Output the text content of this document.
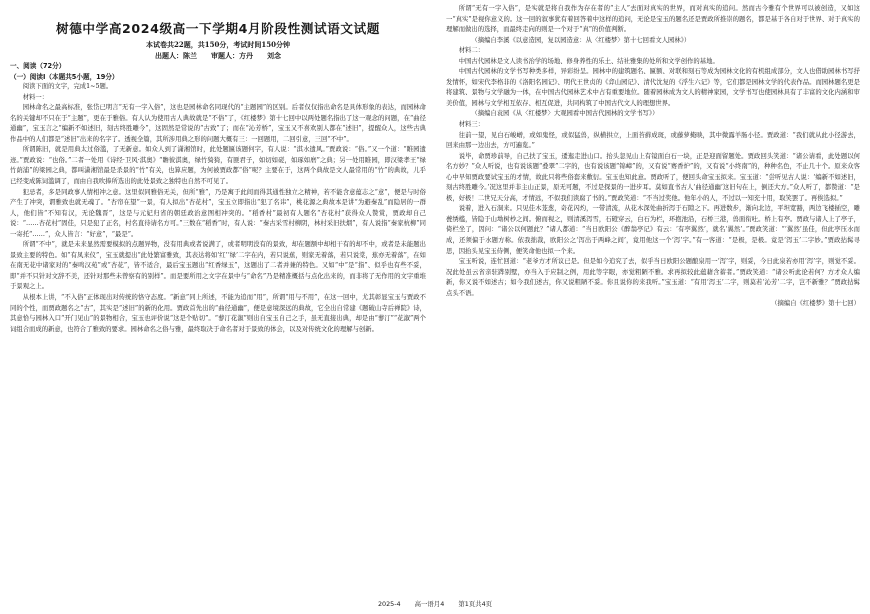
树德中学高2024级高一下学期4月阶段性测试语文试题

本试卷共22题，共150分，考试时间150分钟

出题人：陈兰　　审题人：方丹　　刘念

一、阅读（72分）

（一）阅读Ⅰ（本题共5小题，19分）

阅读下面的文字，完成1~5题。

材料一：

园林命名之最高标准，张岱已明言“无有一字入俗”，这也是园林命名同现代的“主题园”的区别。后者仅仅指出命名是具体形象的表达，而园林命名的关键却不只在于“主题”，更在于雅俗。有人认为使用古人典故就是“不俗”了，《红楼梦》第十七回中以两处题名指出了这一观念的问题，在“曲径通幽”，宝玉言之“编新不如述旧，刻古终胜雕今”，这固然是常说的“古致”了；而在“沁芳桥”，宝玉又不喜欢别人都在“述旧”，提醒众人，这些古典作品中的人们都是“述旧”出来的名字了。透视全篇，其所涉用典之形的问题大概有三：一回题用，二回引意，三回“不中”。

所谓陈旧，就是用典太过俗滥，了无新意。如众人到了潇湘馆时，此处题匾该题何字，有人说：“淇水遗风。”贾政说：“俗。”又一个道：“睢园遗迹。”贾政说：“也俗。”二者一处用《诗经·卫风·淇奥》“瞻彼淇奥，绿竹猗猗，有匪君子，如切如磋，如琢如磨”之典；另一处用睢园，即汉梁孝王“绿竹荫浦”的梁园之典，都叫潇湘馆最是杀景的“竹”有关，也算应题，为何被贾政都“俗”呢？主要在于，这两个典故是文人最常用的“竹”的典故，儿乎已经变成陈词滥调了，而由自我吹捧所选出的此处景致之独特也自然不可见了。

犯忌者，多是同政事人情相冲之意。这里似同雅俗无关，但所“雅”，乃是寓于此间而得其通性独立之精神，若不能含意蕴志之“意”，便是与时俗产生了冲突，谓雅致也就无魂了。“杏帘在望”一景，有人拟出“杏花村”，宝玉立即指出“犯了名讳”，桃花源之典故本是讲“为避秦乱”而隐居的一群人，他们皆“不知有汉，无论魏晋”，这是与元妃归省的朝廷政治意图相冲突的。“稻香村”最初有人题名“杏花村”获得众人赞赏，贾政却自己说：“……杏花村”固佳，只是犯了正名，村名直待请名方可。”三数在“稻香”时，有人说：“秦古采雪村柳阴，林村采旧扶烟”，有人说指“秦家杭柳”同一寄托“……”，众人皆言：“好意”，“最是”。

所谓“不中”，就是未来显然需要模拟的点题异物，没有用典或者说满了，或者明明没有的景致，却在题额中却相干有的却不中，或者是未能题出景致主要的特色。如“有凤来仪”，宝玉就提出“此处繁富雅致，其表达将如‘红’‘绿’二字在内，若只说蕉，则家无着落，若只说棠，蕉亦无着落”，在如在南无花中诸家对的“秦鸣汉苑”或“杏花”，皆不适合，最后宝玉题出“红香绿玉”，这题出了二者并兼的特色。又如“中”是“指”、似乎也有些不妥，即“并不只针对文辞不美，还针对那些未曾察有的别样”。而是要所用之文字在景中与“命名”乃是精准概括与点化出来的，而非将了无作用的文字重堆于景观之上。

从根本上讲，“不入俗”正体现出对传统的恪守态度。“新意”同上所述，不能为追而“用”，所谓“用与不用”，在这一回中，尤其彰显宝玉与贾政不同的个性，而贾政题名之“古”，其实是“述旧”的新的化用。贾政首先出的“曲径通幽”，便是意境深远的典故，它全出自常建《题破山寺后禅院》诗，其意恰与园林入口“开门见山”的景物相合，宝玉也评价说“这是个贴切”。“蓼汀花溆”则出自宝玉自己之手，虽无直接出典，却是由“蓼汀”“花溆”两个词组合而成的新意，也符合了雅致的要求。园林命名之俗与雅，最终取决于命名者对于景致的体会，以及对传统文化的理解与创新。

所谓“无有一字入俗”，是实就是将自我作为存在者的“主人”去面对真实的世界，而对真实的追问。然而古今雅有个世界可以被创造，又如这一“真实”是视你意义的。这一回的叙事犹有着回答着中这样的追问，无论是宝玉的题名还是贾政所推崇的题名，都是基于各自对于世界、对于真实的理解而做出的选择，而最终走向的则是一个对于“真”的价值判断。

（摘编自李溪《以意造园，复以园造意：从〈红楼梦〉第十七回看文人园林》）

材料二：

中国古代园林是文人读书治学的场地、修身养性的乐土、结社雅集的处所和文学创作的基地。

中国古代园林的文学书写种类多样，异彩纷呈。园林中的建筑题名、匾额、对联和刻石等成为园林文化的有机组成部分，文人也借助园林书写抒发情怀，如宋代李格非的《洛阳名园记》、明代王世贞的《弇山园记》、清代沈复的《浮生六记》等，它们都是园林文学的代表作品。而园林题名更是将建筑、景物与文学融为一体，在中国古代园林艺术中占有重要地位。随着园林成为文人的精神家园，文学书写也使园林具有了丰富的文化内涵和审美价值，园林与文学相互依存、相互促进，共同构筑了中国古代文人的理想世界。

（摘编自袁园《从〈红楼梦〉大观园看中国古代园林的文学书写》）

材料三：

往前一望，见白石峻嶒，或如鬼怪，或似猛兽，纵横拱立，上面苔藓成斑，或藤萝掩映，其中微露羊肠小径。贾政道：“我们就从此小径游去，回来由那一边出去，方可遍览。”

说毕，命贾珍前导，自己扶了宝玉，逶迤走进山口。抬头忽见山上有镜面白石一块，正是迎面留题处。贾政回头笑道：“诸公请看，此处题以何名方妙？”众人听说，也有说该题“叠翠”二字的，也有说该题“锦嶂”的，又有说“赛香炉”的，又有说“小终南”的，种种名色，不止几十个。原来众客心中早知贾政要试宝玉的才情，故此只将些俗套来敷衍。宝玉也知此意。贾政听了，便回头命宝玉拟来。宝玉道：“尝听见古人说：‘编新不如述旧，刻古终胜雕今。’况这里并非主山正景，原无可题，不过是探景的一进步耳。莫如直书古人‘曲径通幽’这旧句在上，倒还大方。”众人听了，都赞道：“是极，好极！二世兄天分高，才情远，不似我们读腐了书的。”贾政笑道：“不当过奖他。他年小的人，不过以一知充十用，取笑罢了。再俟选拟。”

说着，进入石洞来。只见佳木茏葱，奇花闪灼，一带清流，从花木深处曲折泻于石隙之下。再进数步，渐向北边，平坦宽豁，两边飞楼插空，雕甍绣槛，皆隐于山坳树杪之间。俯而视之，则清溪泻雪，石磴穿云，白石为栏，环抱池沿，石桥三港，兽面衔吐。桥上有亭。贾政与诸人上了亭子，倚栏坐了，因问：“诸公以何题此？”诸人都道：“当日欧阳公《醉翁亭记》有云：‘有亭翼然’，就名‘翼然’。”贾政笑道：“‘翼然’虽佳，但此亭压水而成，还须偏于水题方称。依我拙裁，欧阳公之‘泻出于两峰之间’，竟用他这一个‘泻’字。”有一客道：“是极，是极。竟是‘泻玉’二字妙。”贾政拈髯寻思，因抬头见宝玉侍侧，便笑命他也拟一个来。

宝玉听说，连忙回道：“老爷方才所议已是。但是如今追究了去，似乎当日欧阳公题酿泉用一‘泻’字，则妥，今日此泉若亦用‘泻’字，则觉不妥。况此处虽云省亲驻跸别墅，亦当入于应制之例，用此等字眼，亦觉粗陋不雅。求再拟较此蕴藉含蓄者。”贾政笑道：“诸公听此论若何？方才众人编新，你又说不如述古；如今我们述古，你又说粗陋不妥。你且说你的来我听。”宝玉道：“有用‘泻玉’二字，则莫若‘沁芳’二字，岂不新雅？”贾政拈髯点头不语。

（摘编自《红楼梦》第十七回）

2025-4 高一语月4 第1页共4页
